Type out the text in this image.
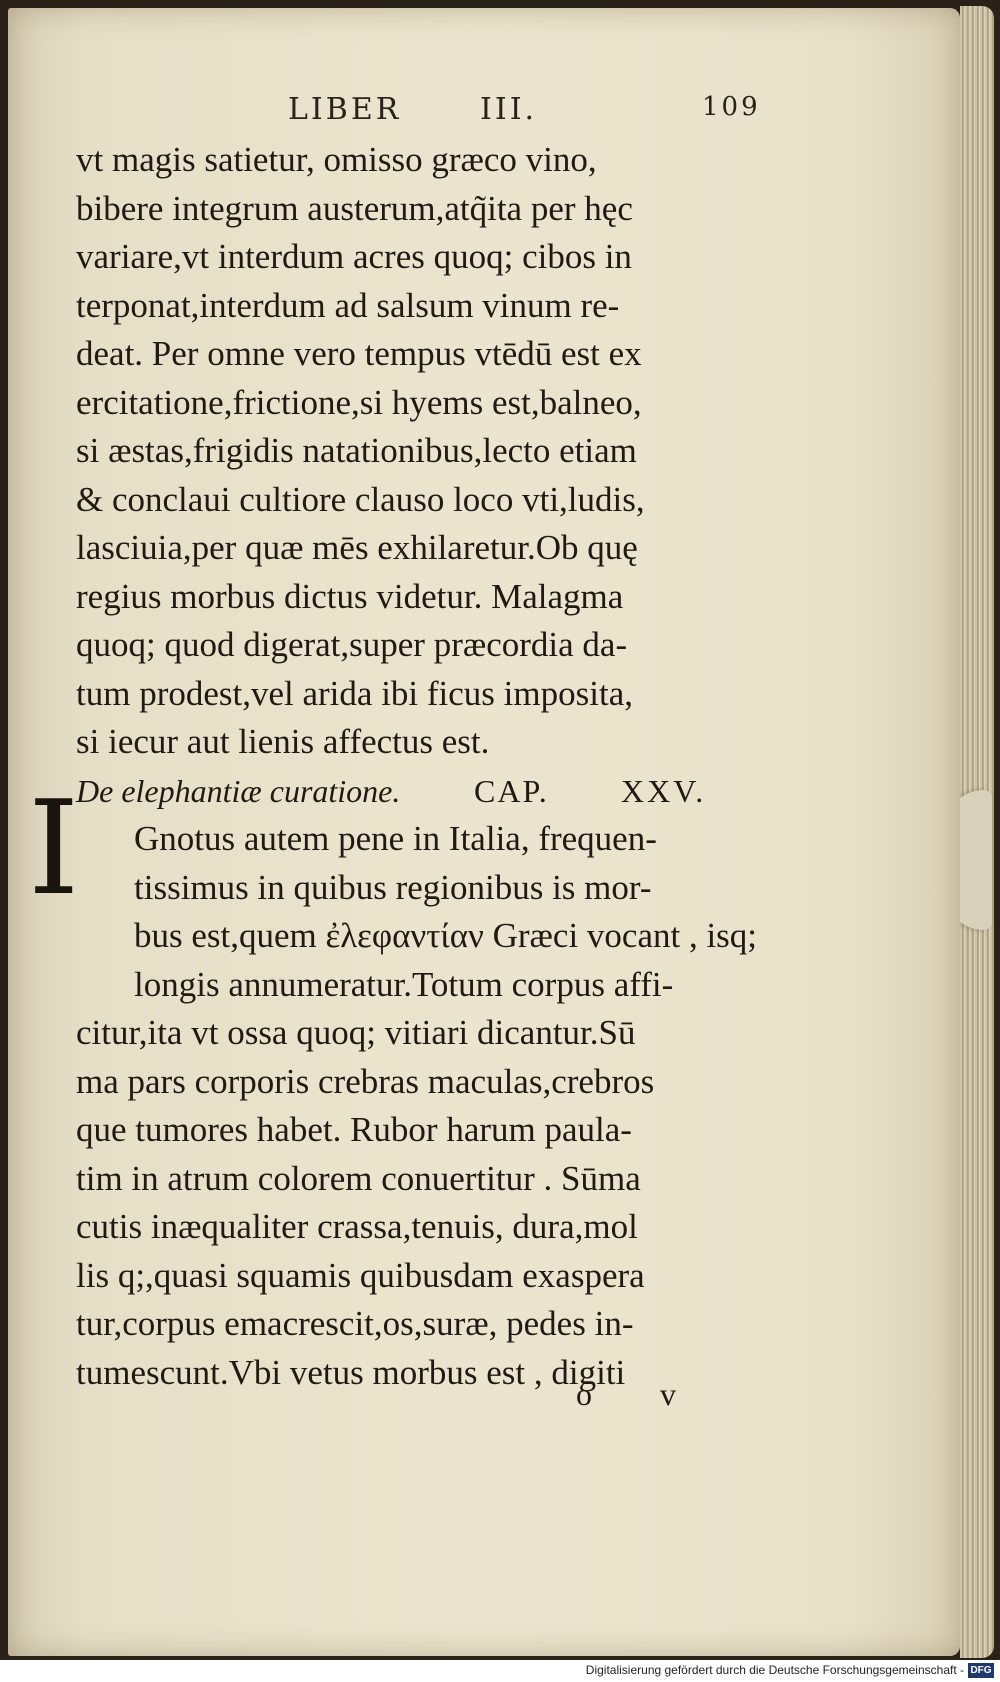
LIBER	III.	109
vt magis satietur, omisso græco vino,
bibere integrum austerum,atq̃ita per hęc
variare,vt interdum acres quoq; cibos in
terponat,interdum ad salsum vinum re-
deat. Per omne vero tempus vtēdū est ex
ercitatione,frictione,si hyems est,balneo,
si æstas,frigidis natationibus,lecto etiam
& conclaui cultiore clauso loco vti,ludis,
lasciuia,per quæ mēs exhilaretur.Ob quę
regius morbus dictus videtur. Malagma
quoq; quod digerat,super præcordia da-
tum prodest,vel arida ibi ficus imposita,
si iecur aut lienis affectus est.
De elephantiæ curatione. CAP. XXV.
Gnotus autem pene in Italia, frequen-
tissimus in quibus regionibus is mor-
bus est,quem ἐλεφαντίαν Græci vocant , isq;
longis annumeratur.Totum corpus affi-
citur,ita vt ossa quoq; vitiari dicantur.Sū
ma pars corporis crebras maculas,crebros
que tumores habet. Rubor harum paula-
tim in atrum colorem conuertitur . Sūma
cutis inæqualiter crassa,tenuis, dura,mol
lis q;,quasi squamis quibusdam exaspera
tur,corpus emacrescit,os,suræ, pedes in-
tumescunt.Vbi vetus morbus est , digiti
I
o v
Digitalisierung gefördert durch die Deutsche Forschungsgemeinschaft - DFG
